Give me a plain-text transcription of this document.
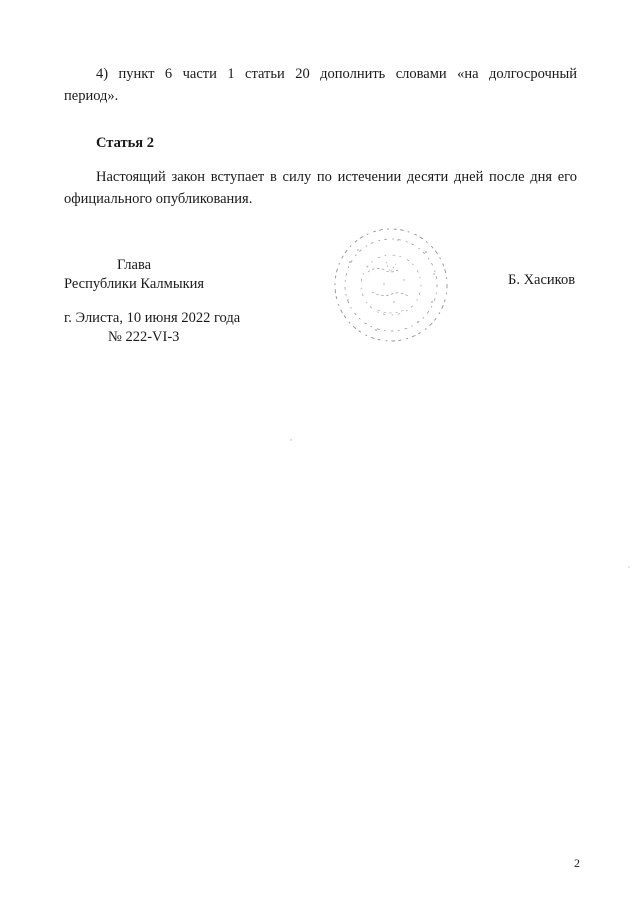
4) пункт 6 части 1 статьи 20 дополнить словами «на долгосрочный период».

Статья 2

Настоящий закон вступает в силу по истечении десяти дней после дня его официального опубликования.

Глава

Республики Калмыкия	Б. Хасиков

г. Элиста, 10 июня 2022 года

№ 222-VI-3

2
